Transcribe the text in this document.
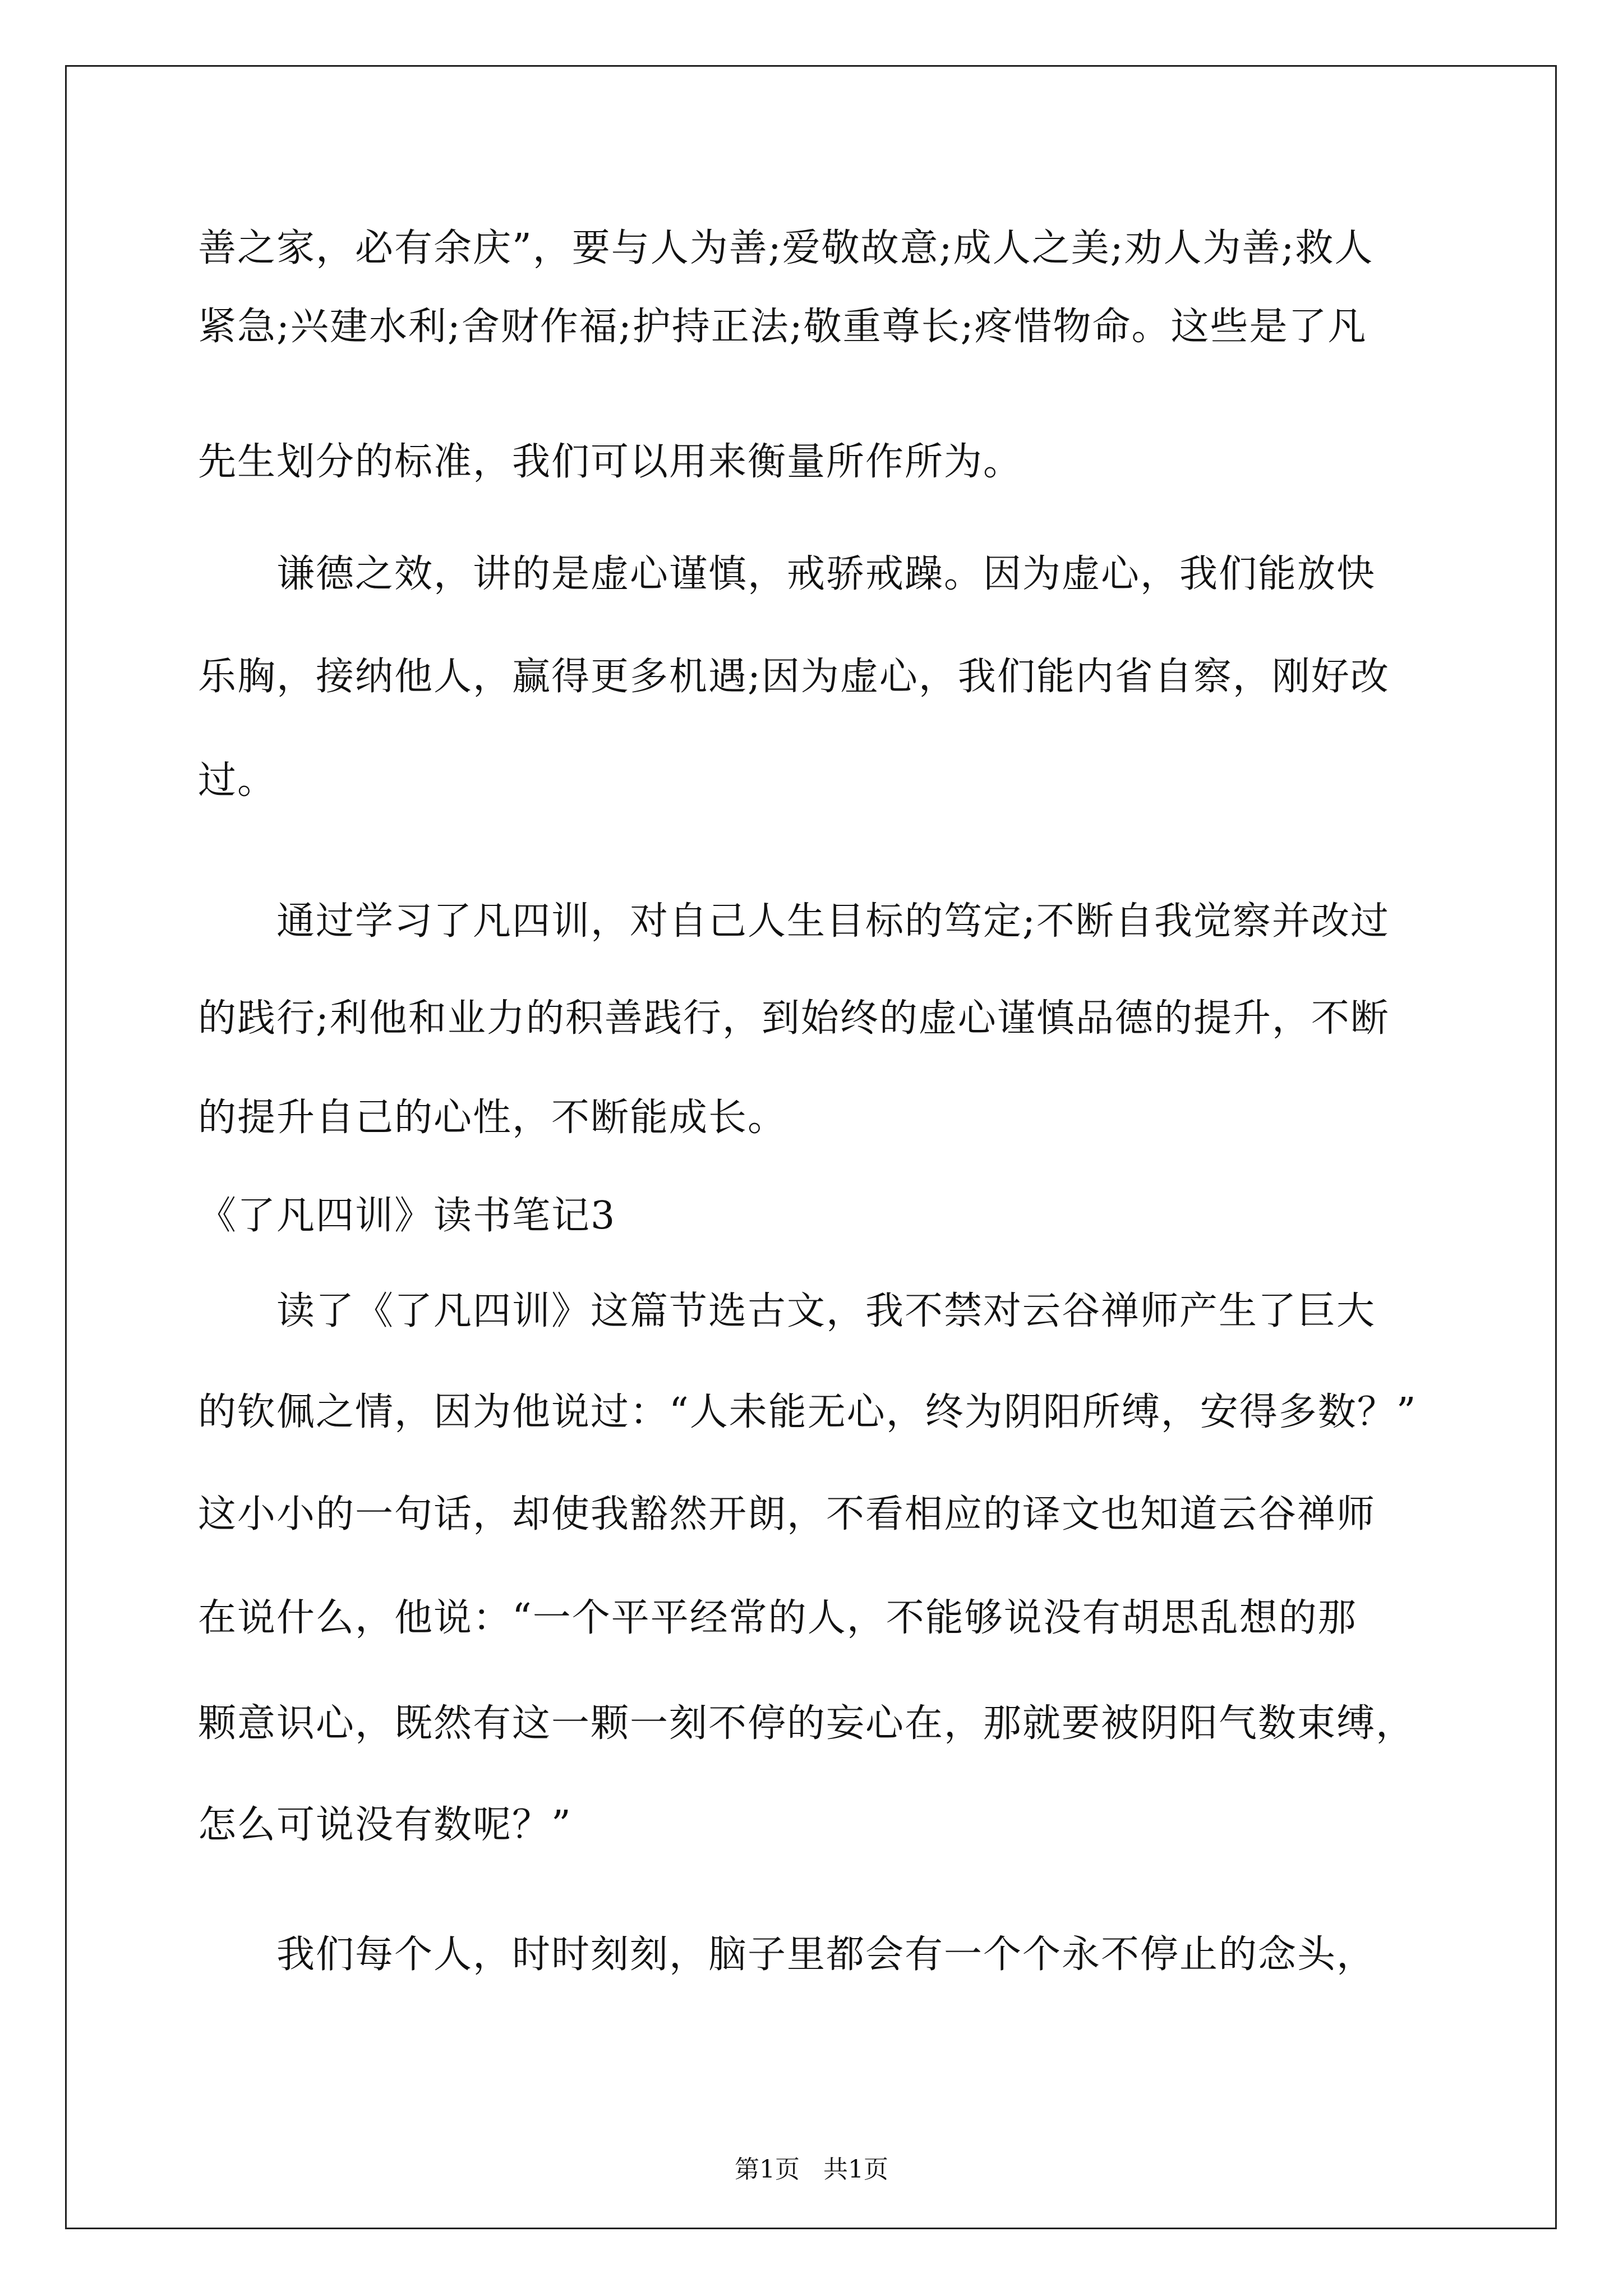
善之家，必有余庆”，要与人为善;爱敬故意;成人之美;劝人为善;救人
紧急;兴建水利;舍财作福;护持正法;敬重尊长;疼惜物命。这些是了凡
先生划分的标准，我们可以用来衡量所作所为。
谦德之效，讲的是虚心谨慎，戒骄戒躁。因为虚心，我们能放快
乐胸，接纳他人，赢得更多机遇;因为虚心，我们能内省自察，刚好改
过。
通过学习了凡四训，对自己人生目标的笃定;不断自我觉察并改过
的践行;利他和业力的积善践行，到始终的虚心谨慎品德的提升，不断
的提升自己的心性，不断能成长。
《了凡四训》读书笔记3
读了《了凡四训》这篇节选古文，我不禁对云谷禅师产生了巨大
的钦佩之情，因为他说过：“人未能无心，终为阴阳所缚，安得多数？”
这小小的一句话，却使我豁然开朗，不看相应的译文也知道云谷禅师
在说什么，他说：“一个平平经常的人，不能够说没有胡思乱想的那
颗意识心，既然有这一颗一刻不停的妄心在，那就要被阴阳气数束缚，
怎么可说没有数呢？”
我们每个人，时时刻刻，脑子里都会有一个个永不停止的念头，
第1页   共1页
